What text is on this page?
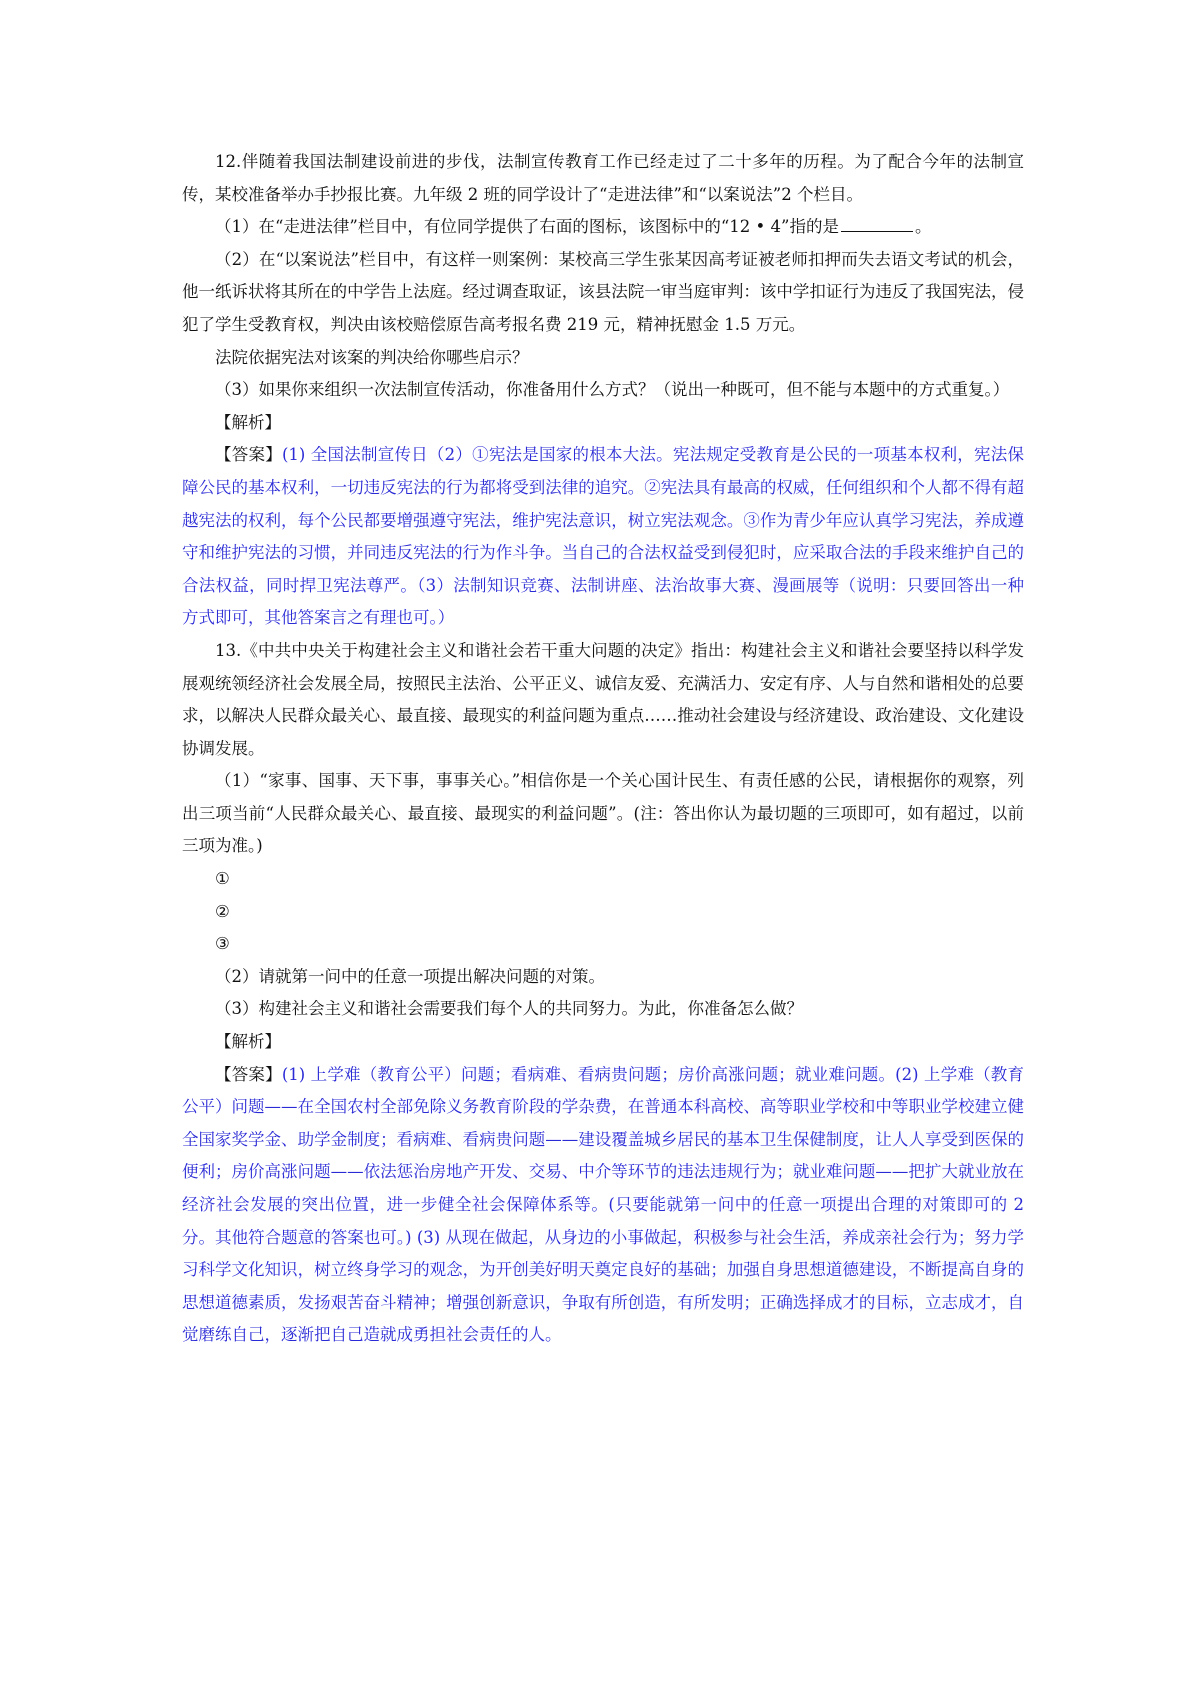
12.伴随着我国法制建设前进的步伐，法制宣传教育工作已经走过了二十多年的历程。为了配合今年的法制宣传，某校准备举办手抄报比赛。九年级 2 班的同学设计了“走进法律”和“以案说法”2 个栏目。

（1）在“走进法律”栏目中，有位同学提供了右面的图标，该图标中的“12 • 4”指的是	。

（2）在“以案说法”栏目中，有这样一则案例：某校高三学生张某因高考证被老师扣押而失去语文考试的机会，他一纸诉状将其所在的中学告上法庭。经过调查取证，该县法院一审当庭审判：该中学扣证行为违反了我国宪法，侵犯了学生受教育权，判决由该校赔偿原告高考报名费 219 元，精神抚慰金 1.5 万元。

法院依据宪法对该案的判决给你哪些启示？

（3）如果你来组织一次法制宣传活动，你准备用什么方式？（说出一种既可，但不能与本题中的方式重复。）

【解析】

【答案】(1) 全国法制宣传日（2）①宪法是国家的根本大法。宪法规定受教育是公民的一项基本权利，宪法保障公民的基本权利，一切违反宪法的行为都将受到法律的追究。②宪法具有最高的权威，任何组织和个人都不得有超越宪法的权利，每个公民都要增强遵守宪法，维护宪法意识，树立宪法观念。③作为青少年应认真学习宪法，养成遵守和维护宪法的习惯，并同违反宪法的行为作斗争。当自己的合法权益受到侵犯时，应采取合法的手段来维护自己的合法权益，同时捍卫宪法尊严。（3）法制知识竞赛、法制讲座、法治故事大赛、漫画展等（说明：只要回答出一种方式即可，其他答案言之有理也可。）

13.《中共中央关于构建社会主义和谐社会若干重大问题的决定》指出：构建社会主义和谐社会要坚持以科学发展观统领经济社会发展全局，按照民主法治、公平正义、诚信友爱、充满活力、安定有序、人与自然和谐相处的总要求，以解决人民群众最关心、最直接、最现实的利益问题为重点……推动社会建设与经济建设、政治建设、文化建设协调发展。

（1）“家事、国事、天下事，事事关心。”相信你是一个关心国计民生、有责任感的公民，请根据你的观察，列出三项当前“人民群众最关心、最直接、最现实的利益问题”。(注：答出你认为最切题的三项即可，如有超过，以前三项为准。)

①

②

③

（2）请就第一问中的任意一项提出解决问题的对策。

（3）构建社会主义和谐社会需要我们每个人的共同努力。为此，你准备怎么做？

【解析】

【答案】(1) 上学难（教育公平）问题；看病难、看病贵问题；房价高涨问题；就业难问题。(2) 上学难（教育公平）问题——在全国农村全部免除义务教育阶段的学杂费，在普通本科高校、高等职业学校和中等职业学校建立健全国家奖学金、助学金制度；看病难、看病贵问题——建设覆盖城乡居民的基本卫生保健制度，让人人享受到医保的便利；房价高涨问题——依法惩治房地产开发、交易、中介等环节的违法违规行为；就业难问题——把扩大就业放在经济社会发展的突出位置，进一步健全社会保障体系等。(只要能就第一问中的任意一项提出合理的对策即可的 2 分。其他符合题意的答案也可。) (3) 从现在做起，从身边的小事做起，积极参与社会生活，养成亲社会行为；努力学习科学文化知识，树立终身学习的观念，为开创美好明天奠定良好的基础；加强自身思想道德建设，不断提高自身的思想道德素质，发扬艰苦奋斗精神；增强创新意识，争取有所创造，有所发明；正确选择成才的目标，立志成才，自觉磨练自己，逐渐把自己造就成勇担社会责任的人。
